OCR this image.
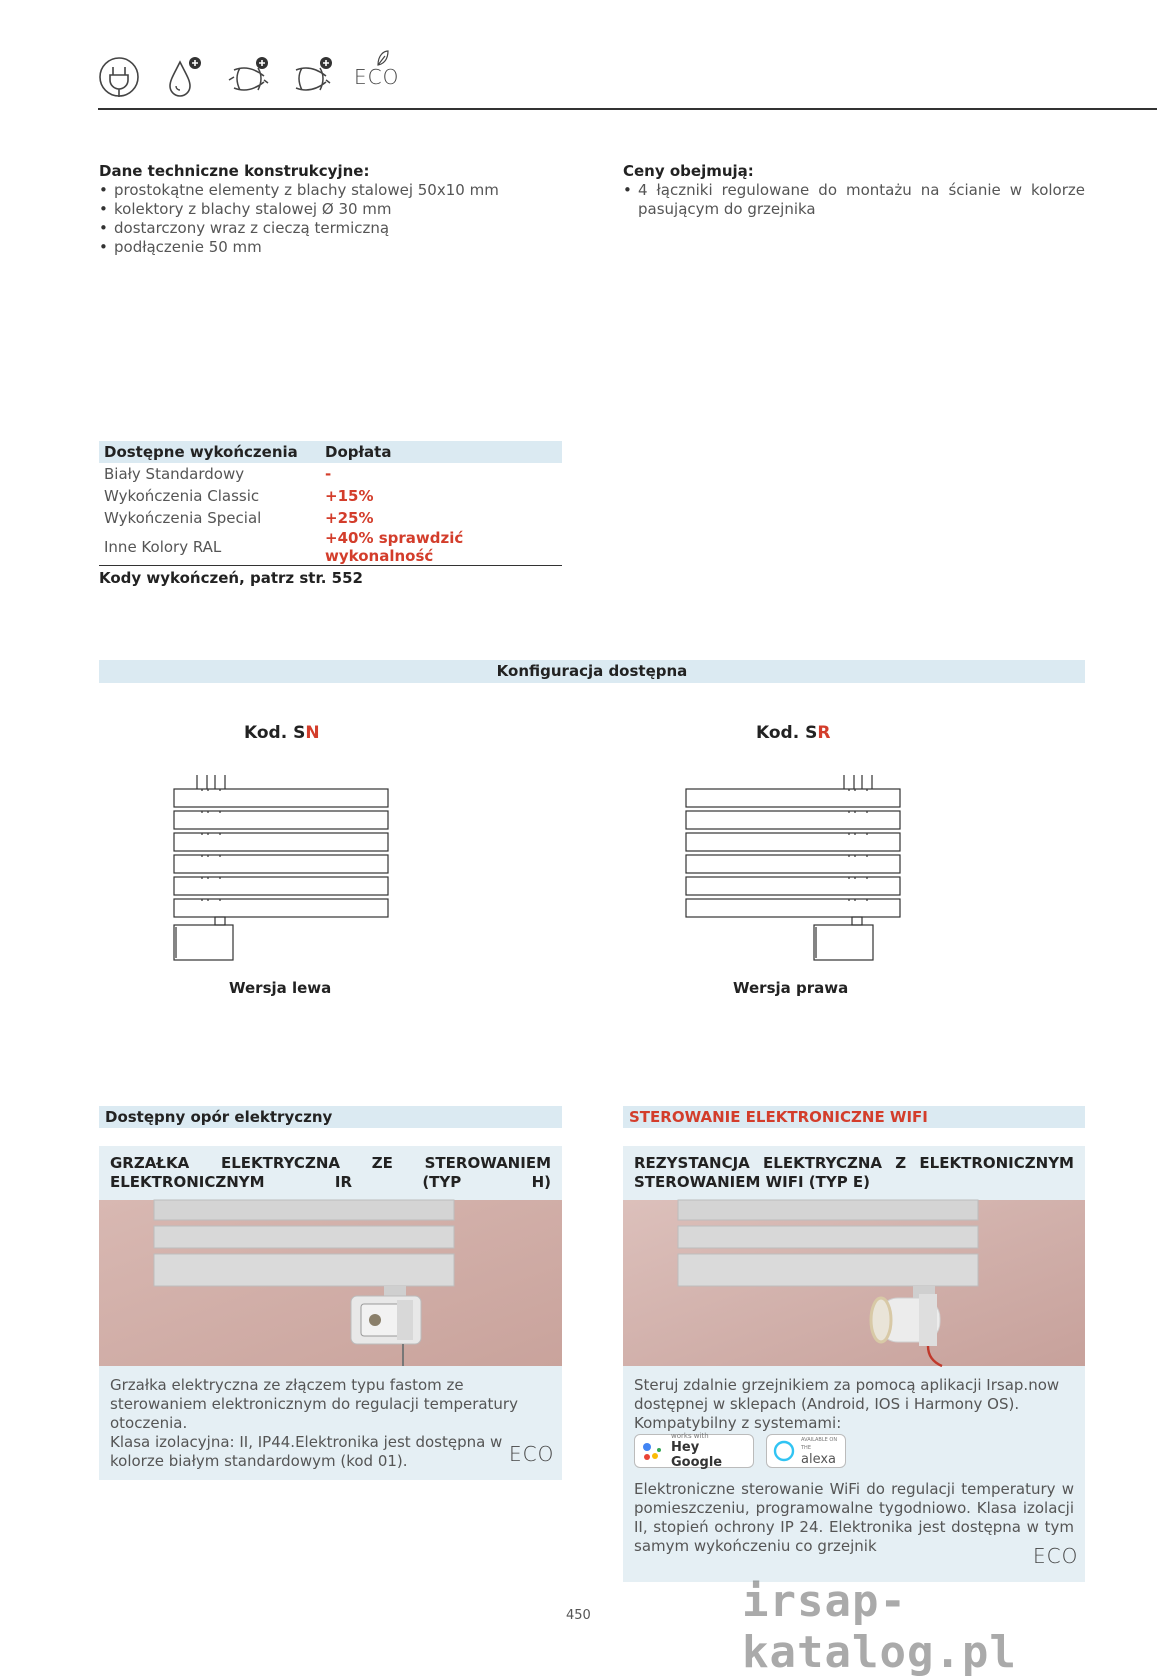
ECO
Dane techniczne konstrukcyjne:
• prostokątne elementy z blachy stalowej 50x10 mm
• kolektory z blachy stalowej Ø 30 mm
• dostarczony wraz z cieczą termiczną
• podłączenie 50 mm
Ceny obejmują:
• 4 łączniki regulowane do montażu na ścianie w kolorze pasującym do grzejnika
Dostępne wykończenia	Dopłata
Biały Standardowy	-
Wykończenia Classic	+15%
Wykończenia Special	+25%
Inne Kolory RAL	+40% sprawdzić wykonalność
Kody wykończeń, patrz str. 552
Konfiguracja dostępna
Kod. SN	Kod. SR
Wersja lewa	Wersja prawa
Dostępny opór elektryczny	STEROWANIE ELEKTRONICZNE WIFI
GRZAŁKA ELEKTRYCZNA ZE STEROWANIEM ELEKTRONICZNYM IR (TYP H)
Grzałka elektryczna ze złączem typu fastom ze sterowaniem elektronicznym do regulacji temperatury otoczenia.
Klasa izolacyjna: II, IP44.Elektronika jest dostępna w kolorze białym standardowym (kod 01).	ECO
REZYSTANCJA ELEKTRYCZNA Z ELEKTRONICZNYM STEROWANIEM WIFI (TYP E)
Steruj zdalnie grzejnikiem za pomocą aplikacji Irsap.now dostępnej w sklepach (Android, IOS i Harmony OS). Kompatybilny z systemami:
works with
Hey Google
AVAILABLE ON THE
alexa
Elektroniczne sterowanie WiFi do regulacji temperatury w pomieszczeniu, programowalne tygodniowo. Klasa izolacji II, stopień ochrony IP 24. Elektronika jest dostępna w tym samym wykończeniu co grzejnik	ECO
450	irsap-katalog.pl
